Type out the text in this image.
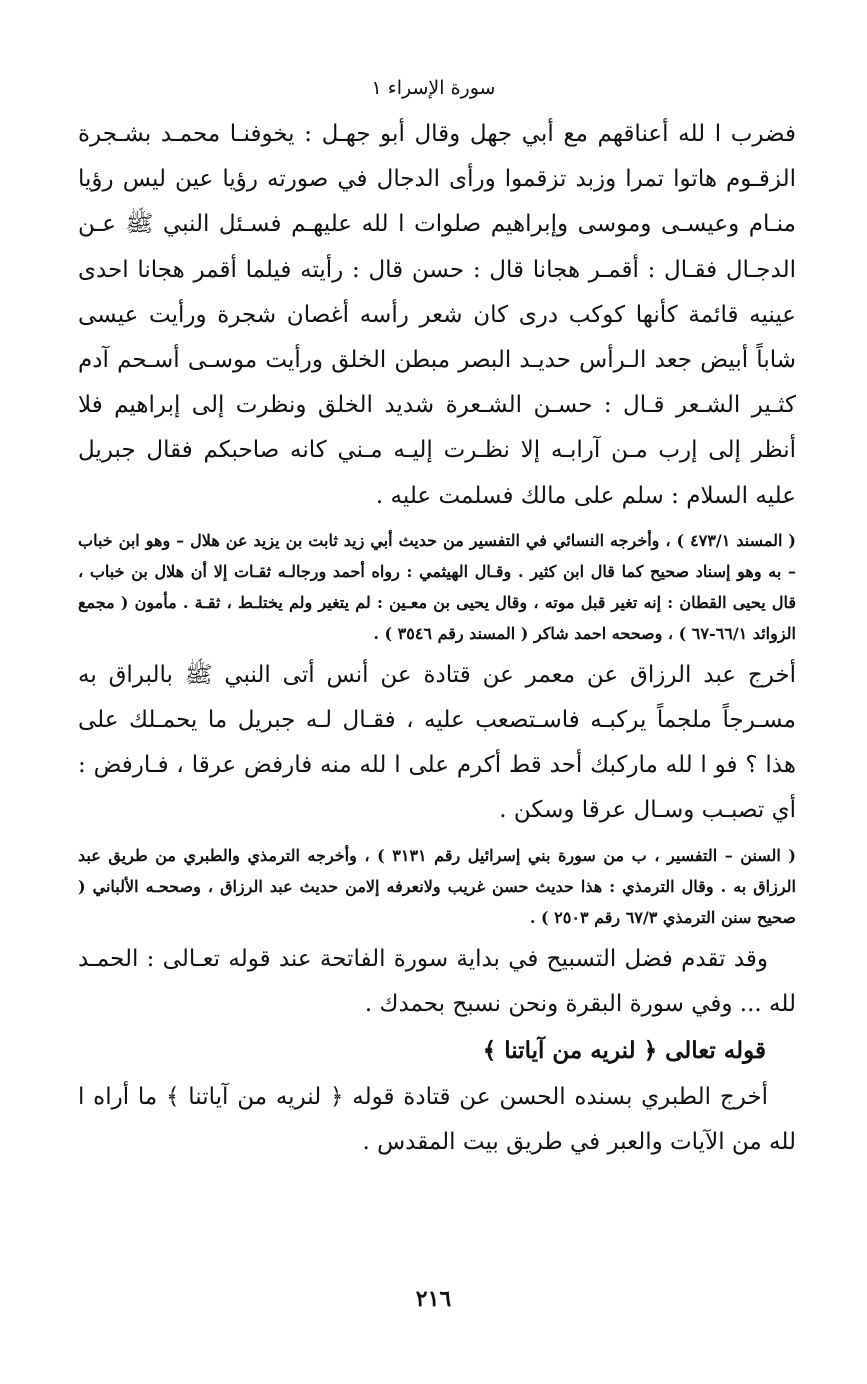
سورة الإسراء ١

فضرب ا لله أعناقهم مع أبي جهل وقال أبو جهـل : يخوفنـا محمـد بشـجرة الزقـوم هاتوا تمرا وزبد تزقموا ورأى الدجال في صورته رؤيا عين ليس رؤيا منـام وعيسـى وموسى وإبراهيم صلوات ا لله عليهـم فسـئل النبي ﷺ عـن الدجـال فقـال : أقمـر هجانا قال : حسن قال : رأيته فيلما أقمر هجانا احدى عينيه قائمة كأنها كوكب درى كان شعر رأسه أغصان شجرة ورأيت عيسى شاباً أبيض جعد الـرأس حديـد البصر مبطن الخلق ورأيت موسـى أسـحم آدم كثـير الشـعر قـال : حسـن الشـعرة شديد الخلق ونظرت إلى إبراهيم فلا أنظر إلى إرب مـن آرابـه إلا نظـرت إليـه مـني كانه صاحبكم فقال جبريل عليه السلام : سلم على مالك فسلمت عليه .

( المسند ٤٧٣/١ ) ، وأخرجه النسائي في التفسير من حديث أبي زيد ثابت بن يزيد عن هلال – وهو ابن خباب – به وهو إسناد صحيح كما قال ابن كثير . وقـال الهيثمي : رواه أحمد ورجالـه ثقـات إلا أن هلال بن خباب ، قال يحيى القطان : إنه تغير قبل موته ، وقال يحيى بن معـين : لم يتغير ولم يختلـط ، ثقـة . مأمون ( مجمع الزوائد ٦٦/١-٦٧ ) ، وصححه احمد شاكر ( المسند رقم ٣٥٤٦ ) .

أخرج عبد الرزاق عن معمر عن قتادة عن أنس أتى النبي ﷺ بالبراق به مسـرجاً ملجماً يركبـه فاسـتصعب عليه ، فقـال لـه جبريل ما يحمـلك على هذا ؟ فو ا لله ماركبك أحد قط أكرم على ا لله منه فارفض عرقا ، فـارفض : أي تصبـب وسـال عرقا وسكن .

( السنن – التفسير ، ب من سورة بني إسرائيل رقم ٣١٣١ ) ، وأخرجه الترمذي والطبري من طريق عبد الرزاق به . وقال الترمذي : هذا حديث حسن غريب ولانعرفه إلامن حديث عبد الرزاق ، وصححـه الألباني ( صحيح سنن الترمذي ٦٧/٣ رقم ٢٥٠٣ ) .

وقد تقدم فضل التسبيح في بداية سورة الفاتحة عند قوله تعـالى : الحمـد لله ... وفي سورة البقرة ونحن نسبح بحمدك .

قوله تعالى ﴿ لنريه من آياتنا ﴾

أخرج الطبري بسنده الحسن عن قتادة قوله ﴿ لنريه من آياتنا ﴾ ما أراه ا لله من الآيات والعبر في طريق بيت المقدس .

٢١٦
